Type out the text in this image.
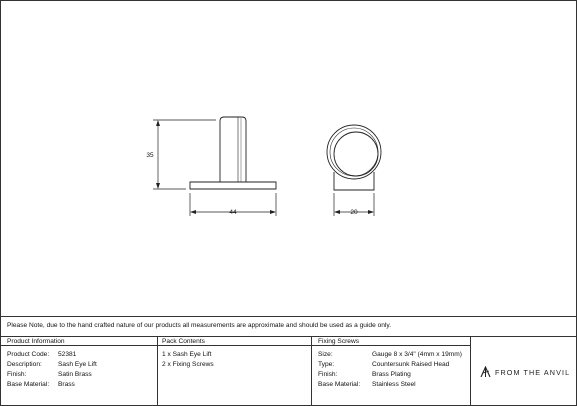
35
44	20
Please Note, due to the hand crafted nature of our products all measurements are approximate and should be used as a guide only.
Product Information	Pack Contents	Fixing Screws
Product Code: 52381
Description: Sash Eye Lift
Finish:	Satin Brass
Base Material: Brass
1 x Sash Eye Lift
2 x Fixing Screws
Size:	Gauge 8 x 3/4" (4mm x 19mm)
Type:	Countersunk Raised Head
Finish:	Brass Plating
Base Material: Stainless Steel
FROM THE ANVIL
